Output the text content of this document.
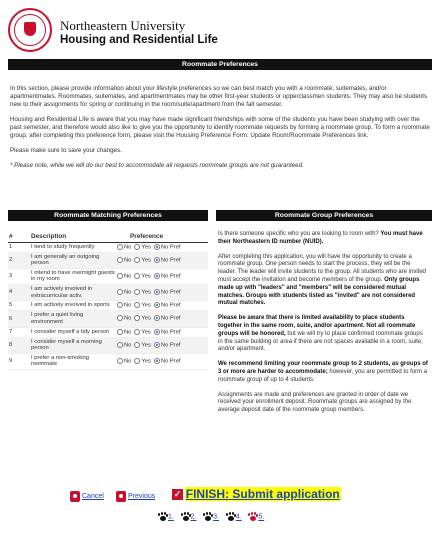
Northeastern University
Housing and Residential Life
Roommate Preferences

In this section, please provide information about your lifestyle preferences so we can best match you with a roommate, suitemates, and/or apartmentmates. Roommates, suitemates, and apartmentmates may be other first-year students or upperclassmen students. They may also be students new to their assignments for spring or continuing in the room/suite/apartment from the fall semester.

Housing and Residential Life is aware that you may have made significant friendships with some of the students you have been studying with over the past semester, and therefore would also like to give you the opportunity to identify roommate requests by forming a roommate group. To form a roommate group, after completing this preference form, please visit the Housing Preference Form: Update Room/Roommate Preferences link.

Please make sure to save your changes.

* Please note, while we will do our best to accommodate all requests roommate groups are not guaranteed.

Roommate Matching Preferences
#	Description	Preference
1	I tend to study frequently	No Yes No Pref
2	I am generally an outgoing person	No Yes No Pref
3	I intend to have overnight guests in my room	No Yes No Pref
4	I am actively involved in extracurricular activ.	No Yes No Pref
5	I am actively involved in sports	No Yes No Pref
6	I prefer a quiet living environment	No Yes No Pref
7	I consider myself a tidy person	No Yes No Pref
8	I consider myself a morning person	No Yes No Pref
9	I prefer a non-smoking roommate	No Yes No Pref
Roommate Group Preferences

Is there someone specific who you are looking to room with? You must have their Northeastern ID number (NUID).

After completing this application, you will have the opportunity to create a roommate group. One person needs to start the process, they will be the leader. The leader will invite students to the group. All students who are invited must accept the invitation and become members of the group. Only groups made up with "leaders" and "members" will be considered mutual matches. Groups with students listed as "invited" are not considered mutual matches.

Please be aware that there is limited availability to place students together in the same room, suite, and/or apartment. Not all roommate groups will be honored, but we will try to place confirmed roommate groups in the same building or area if there are not spaces available in a room, suite, and/or apartment.

We recommend limiting your roommate group to 2 students, as groups of 3 or more are harder to accommodate; however, you are permitted to form a roommate group of up to 4 students.

Assignments are made and preferences are granted in order of date we received your enrollment deposit. Roommate groups are assigned by the average deposit date of the roommate group members.

Cancel	Previous ✓ FINISH: Submit application
1. 2. 3. 4. 5.
